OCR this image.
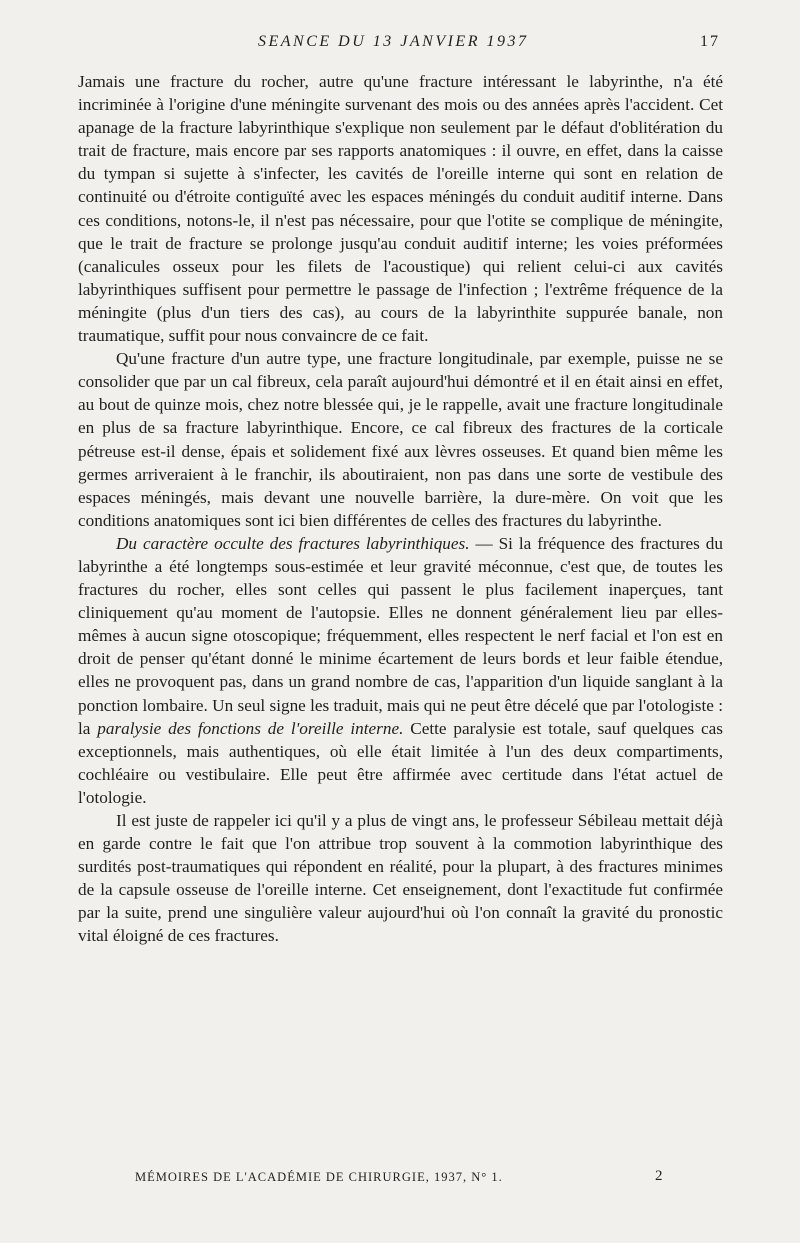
SEANCE DU 13 JANVIER 1937	17

Jamais une fracture du rocher, autre qu'une fracture intéressant le labyrinthe, n'a été incriminée à l'origine d'une méningite survenant des mois ou des années après l'accident. Cet apanage de la fracture labyrinthique s'explique non seulement par le défaut d'oblitération du trait de fracture, mais encore par ses rapports anatomiques : il ouvre, en effet, dans la caisse du tympan si sujette à s'infecter, les cavités de l'oreille interne qui sont en relation de continuité ou d'étroite contiguïté avec les espaces méningés du conduit auditif interne. Dans ces conditions, notons-le, il n'est pas nécessaire, pour que l'otite se complique de méningite, que le trait de fracture se prolonge jusqu'au conduit auditif interne; les voies préformées (canalicules osseux pour les filets de l'acoustique) qui relient celui-ci aux cavités labyrinthiques suffisent pour permettre le passage de l'infection ; l'extrême fréquence de la méningite (plus d'un tiers des cas), au cours de la labyrinthite suppurée banale, non traumatique, suffit pour nous convaincre de ce fait.

Qu'une fracture d'un autre type, une fracture longitudinale, par exemple, puisse ne se consolider que par un cal fibreux, cela paraît aujourd'hui démontré et il en était ainsi en effet, au bout de quinze mois, chez notre blessée qui, je le rappelle, avait une fracture longitudinale en plus de sa fracture labyrinthique. Encore, ce cal fibreux des fractures de la corticale pétreuse est-il dense, épais et solidement fixé aux lèvres osseuses. Et quand bien même les germes arriveraient à le franchir, ils aboutiraient, non pas dans une sorte de vestibule des espaces méningés, mais devant une nouvelle barrière, la dure-mère. On voit que les conditions anatomiques sont ici bien différentes de celles des fractures du labyrinthe.

Du caractère occulte des fractures labyrinthiques. — Si la fréquence des fractures du labyrinthe a été longtemps sous-estimée et leur gravité méconnue, c'est que, de toutes les fractures du rocher, elles sont celles qui passent le plus facilement inaperçues, tant cliniquement qu'au moment de l'autopsie. Elles ne donnent généralement lieu par elles-mêmes à aucun signe otoscopique; fréquemment, elles respectent le nerf facial et l'on est en droit de penser qu'étant donné le minime écartement de leurs bords et leur faible étendue, elles ne provoquent pas, dans un grand nombre de cas, l'apparition d'un liquide sanglant à la ponction lombaire. Un seul signe les traduit, mais qui ne peut être décelé que par l'otologiste : la paralysie des fonctions de l'oreille interne. Cette paralysie est totale, sauf quelques cas exceptionnels, mais authentiques, où elle était limitée à l'un des deux compartiments, cochléaire ou vestibulaire. Elle peut être affirmée avec certitude dans l'état actuel de l'otologie.

Il est juste de rappeler ici qu'il y a plus de vingt ans, le professeur Sébileau mettait déjà en garde contre le fait que l'on attribue trop souvent à la commotion labyrinthique des surdités post-traumatiques qui répondent en réalité, pour la plupart, à des fractures minimes de la capsule osseuse de l'oreille interne. Cet enseignement, dont l'exactitude fut confirmée par la suite, prend une singulière valeur aujourd'hui où l'on connaît la gravité du pronostic vital éloigné de ces fractures.

MÉMOIRES DE L'ACADÉMIE DE CHIRURGIE, 1937, N° 1.	2
